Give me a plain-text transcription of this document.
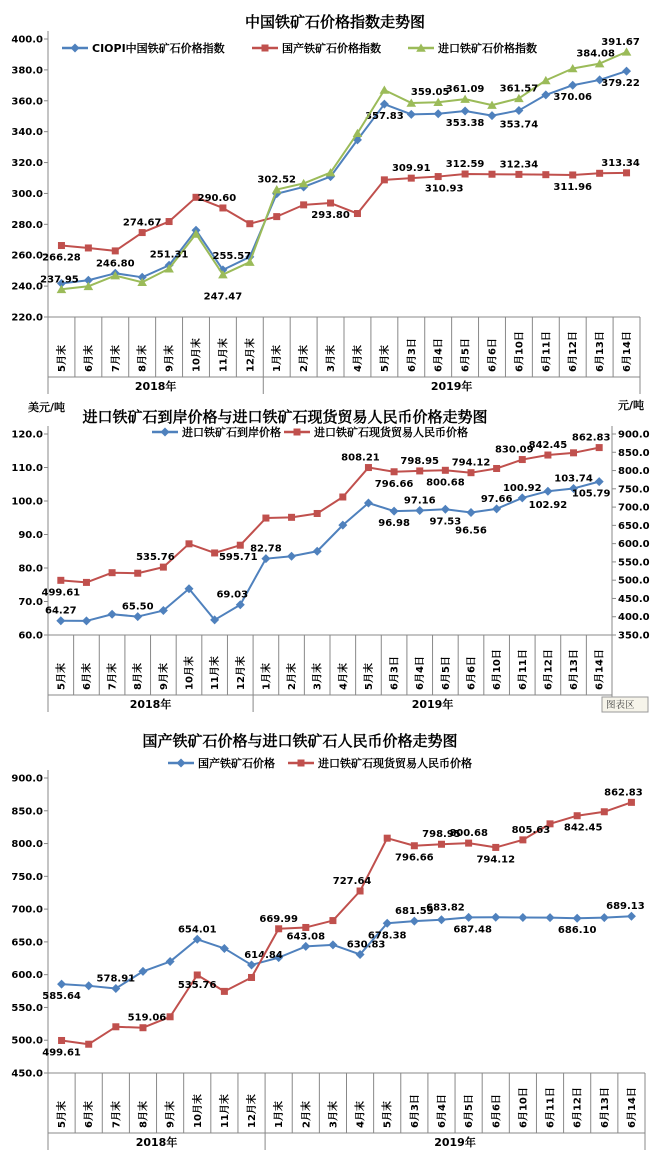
中国铁矿石价格指数走势图
CIOPI中国铁矿石价格指数	国产铁矿石价格指数	进口铁矿石价格指数
400.0
380.0
360.0
340.0
320.0
300.0
280.0
260.0
240.0
220.0
5月末 6月末 7月末 8月末 9月末 10月末 11月末 12月末 1月末 2月末 3月末 4月末 5月末 6月3日 6月4日 6月5日 6月6日 6月10日 6月11日 6月12日 6月13日 6月14日
2018年	2019年
357.83
353.38 353.74
370.06
379.22
266.28
274.67
290.60
293.80
309.91
310.93
312.59 312.34
311.96
313.34
237.95
246.80
251.31
247.47
255.57
302.52
359.05
361.09 361.57
384.08
391.67
进口铁矿石到岸价格与进口铁矿石现货贸易人民币价格走势图
美元/吨	元/吨
进口铁矿石到岸价格	进口铁矿石现货贸易人民币价格
120.0
110.0
100.0
90.0
80.0
70.0
60.0
900.0
850.0
800.0
750.0
700.0
650.0
600.0
550.0
500.0
450.0
400.0
350.0
5月末 6月末 7月末 8月末 9月末 10月末 11月末 12月末 1月末 2月末 3月末 4月末 5月末 6月3日 6月4日 6月5日 6月6日 6月10日 6月11日 6月12日 6月13日 6月14日
2018年	2019年
64.27	65.50
69.03
82.78
96.98
97.16
97.53
96.56
97.66
100.92
102.92
103.74
105.79
499.61
535.76	595.71
808.21
796.66
798.95
800.68
794.12
830.09
842.45
862.83
图表区
国产铁矿石价格与进口铁矿石人民币价格走势图
国产铁矿石价格	进口铁矿石现货贸易人民币价格
900.0
850.0
800.0
750.0
700.0
650.0
600.0
550.0
500.0
450.0
5月末 6月末 7月末 8月末 9月末 10月末 11月末 12月末 1月末 2月末 3月末 4月末 5月末 6月3日 6月4日 6月5日 6月6日 6月10日 6月11日 6月12日 6月13日 6月14日
2018年	2019年
585.64
578.91
654.01
614.84
643.08
630.83
678.38
681.59
683.82
687.48	686.10
689.13
499.61
519.06
535.76
669.99
727.64
796.66
798.95
800.68
794.12
805.63 842.45
862.83
